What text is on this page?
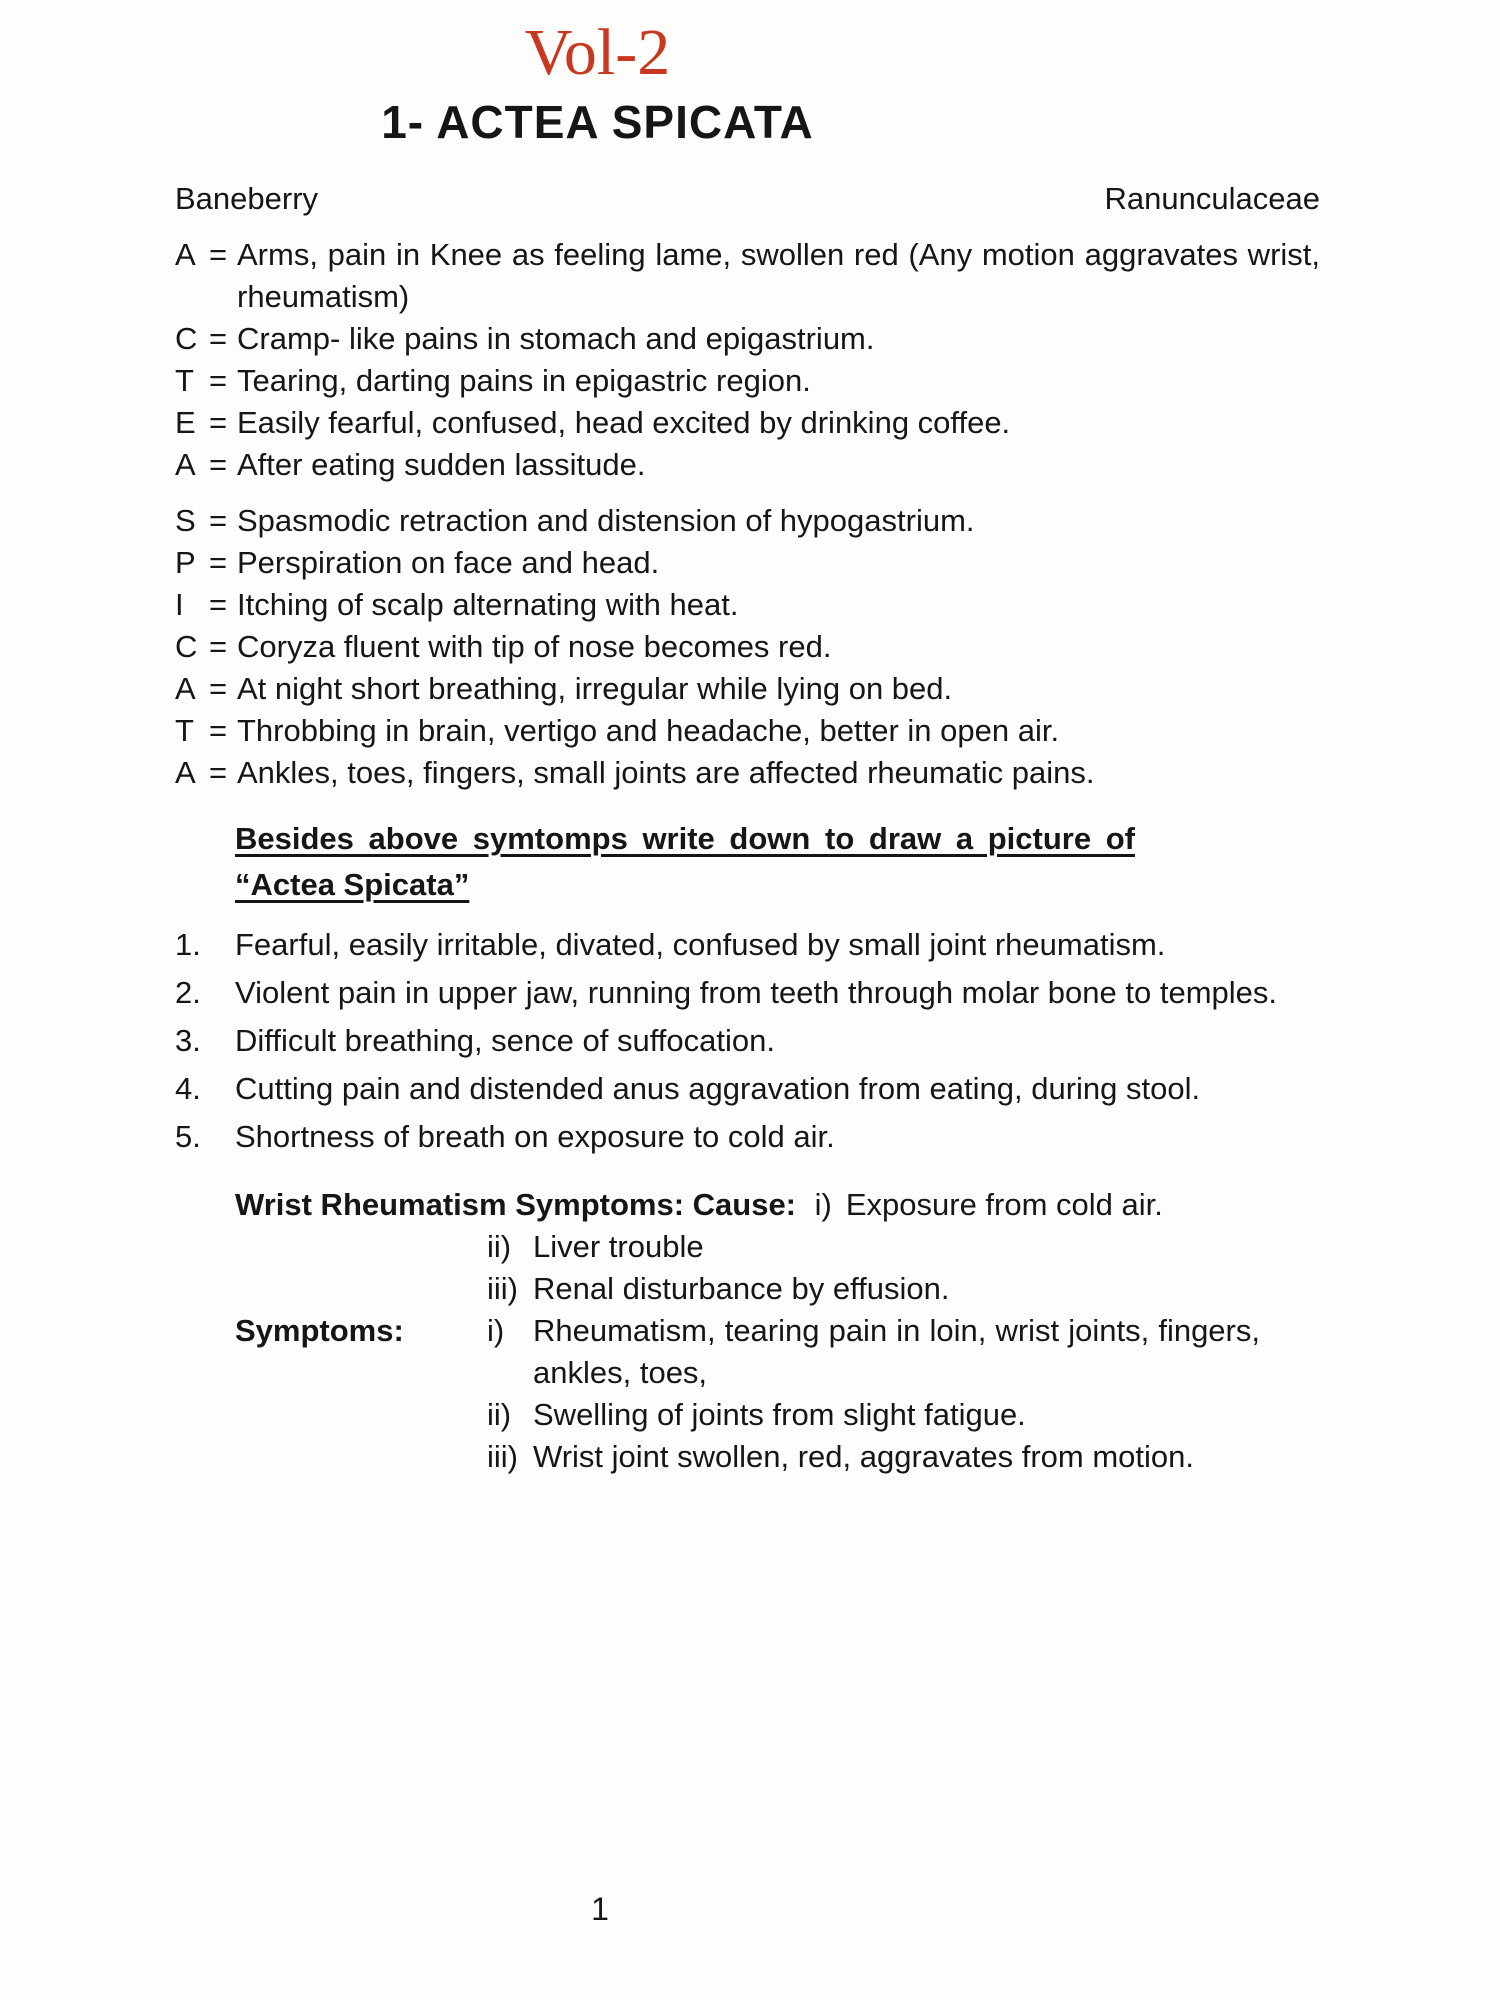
Vol-2
1- ACTEA SPICATA
Baneberry	Ranunculaceae
A = Arms, pain in Knee as feeling lame, swollen red (Any motion aggravates wrist, rheumatism)
C = Cramp- like pains in stomach and epigastrium.
T = Tearing, darting pains in epigastric region.
E = Easily fearful, confused, head excited by drinking coffee.
A = After eating sudden lassitude.
S = Spasmodic retraction and distension of hypogastrium.
P = Perspiration on face and head.
I = Itching of scalp alternating with heat.
C = Coryza fluent with tip of nose becomes red.
A = At night short breathing, irregular while lying on bed.
T = Throbbing in brain, vertigo and headache, better in open air.
A = Ankles, toes, fingers, small joints are affected rheumatic pains.
Besides above symtomps write down to draw a picture of “Actea Spicata”
1.	Fearful, easily irritable, divated, confused by small joint rheumatism.
2.	Violent pain in upper jaw, running from teeth through molar bone to temples.
3.	Difficult breathing, sence of suffocation.
4.	Cutting pain and distended anus aggravation from eating, during stool.
5.	Shortness of breath on exposure to cold air.
Wrist Rheumatism Symptoms: Cause: i) Exposure from cold air.
ii) Liver trouble
iii) Renal disturbance by effusion.
Symptoms:	i) Rheumatism, tearing pain in loin, wrist joints, fingers, ankles, toes,
ii) Swelling of joints from slight fatigue.
iii) Wrist joint swollen, red, aggravates from motion.
1
